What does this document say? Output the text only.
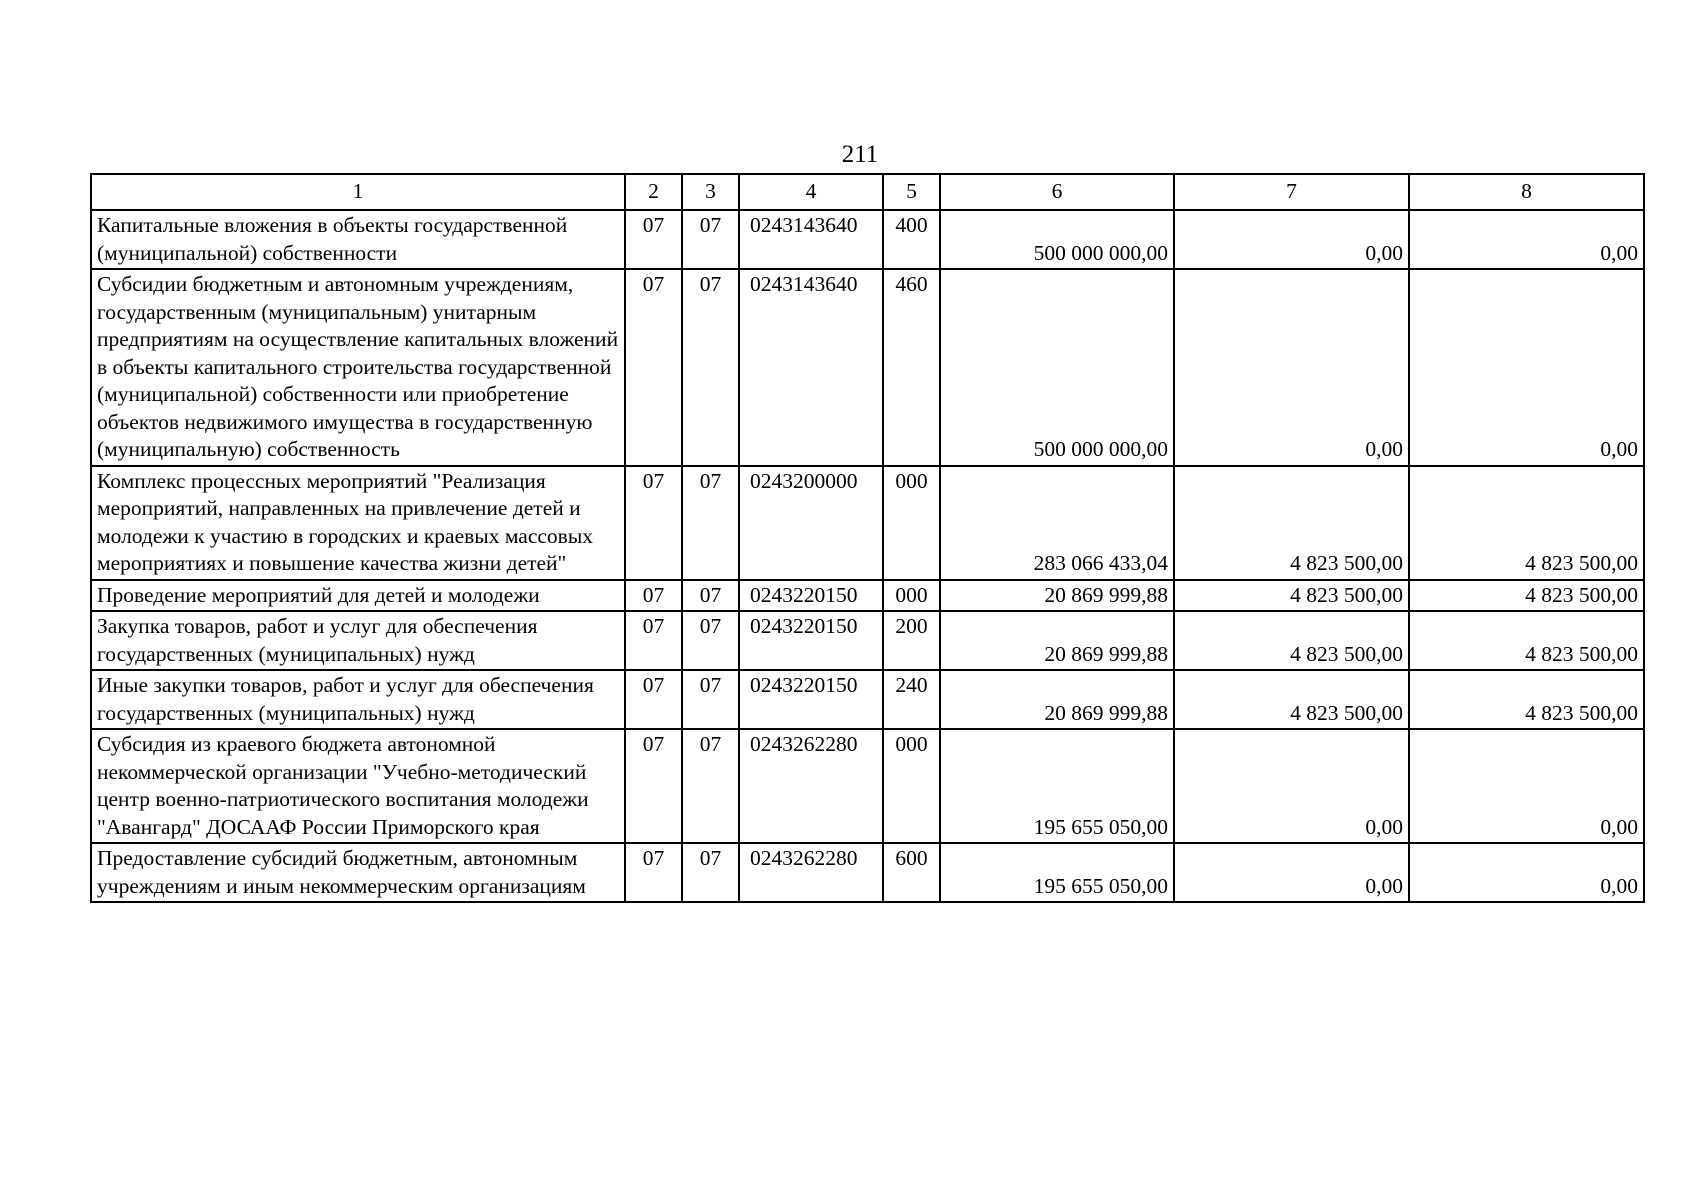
211
1	2	3	4	5	6	7	8
Капитальные вложения в объекты государственной (муниципальной) собственности	07	07	0243143640	400	500 000 000,00	0,00	0,00
Субсидии бюджетным и автономным учреждениям, государственным (муниципальным) унитарным предприятиям на осуществление капитальных вложений в объекты капитального строительства государственной (муниципальной) собственности или приобретение объектов недвижимого имущества в государственную (муниципальную) собственность	07	07	0243143640	460	500 000 000,00	0,00	0,00
Комплекс процессных мероприятий "Реализация мероприятий, направленных на привлечение детей и молодежи к участию в городских и краевых массовых мероприятиях и повышение качества жизни детей"	07	07	0243200000	000	283 066 433,04	4 823 500,00	4 823 500,00
Проведение мероприятий для детей и молодежи	07	07	0243220150	000	20 869 999,88	4 823 500,00	4 823 500,00
Закупка товаров, работ и услуг для обеспечения государственных (муниципальных) нужд	07	07	0243220150	200	20 869 999,88	4 823 500,00	4 823 500,00
Иные закупки товаров, работ и услуг для обеспечения государственных (муниципальных) нужд	07	07	0243220150	240	20 869 999,88	4 823 500,00	4 823 500,00
Субсидия из краевого бюджета автономной некоммерческой организации "Учебно-методический центр военно-патриотического воспитания молодежи "Авангард" ДОСААФ России Приморского края	07	07	0243262280	000	195 655 050,00	0,00	0,00
Предоставление субсидий бюджетным, автономным учреждениям и иным некоммерческим организациям	07	07	0243262280	600	195 655 050,00	0,00	0,00
